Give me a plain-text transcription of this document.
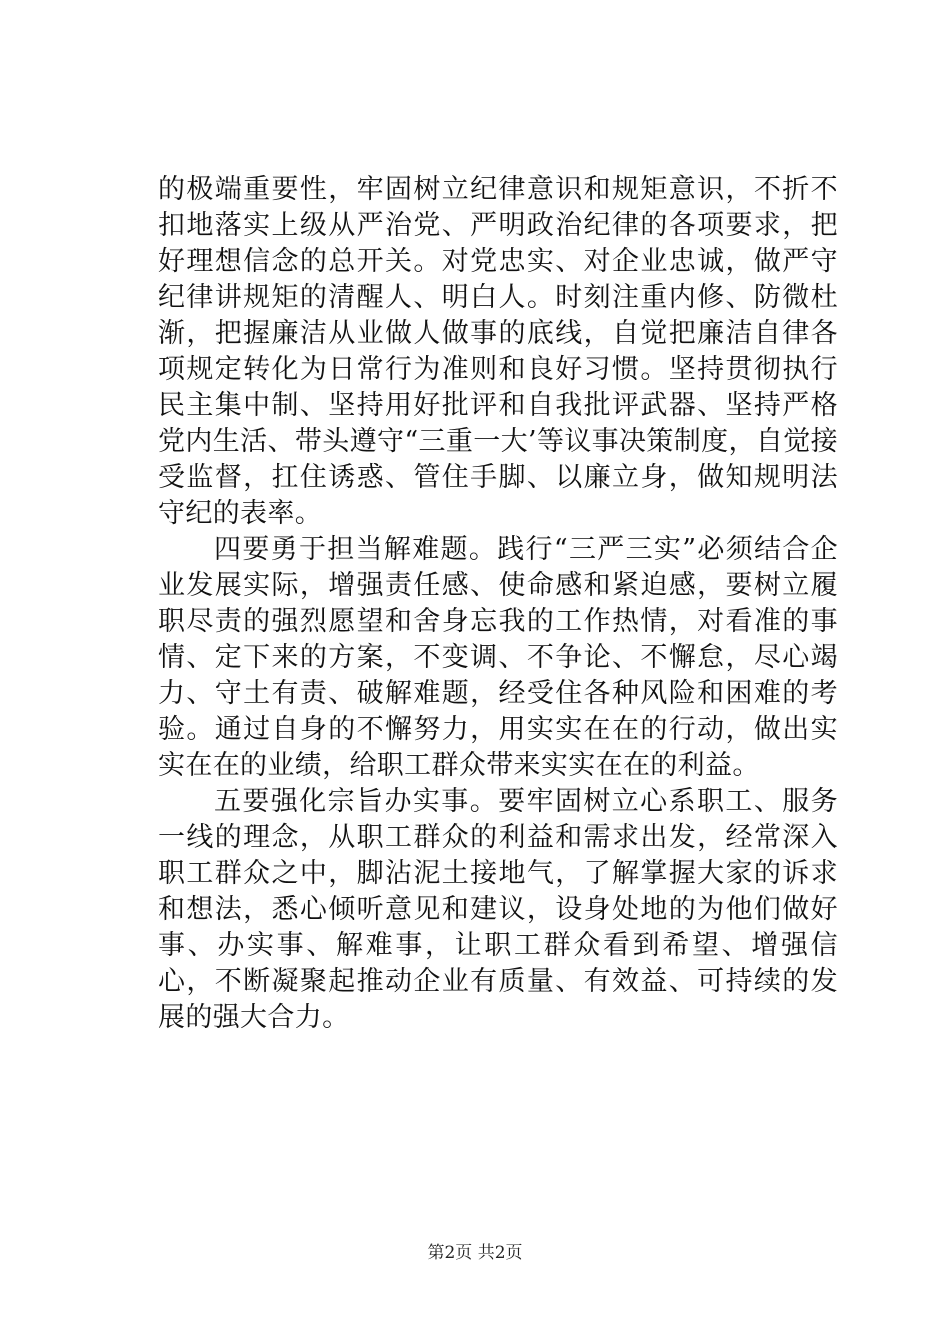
的极端重要性，牢固树立纪律意识和规矩意识，不折不扣地落实上级从严治党、严明政治纪律的各项要求，把好理想信念的总开关。对党忠实、对企业忠诚，做严守纪律讲规矩的清醒人、明白人。时刻注重内修、防微杜渐，把握廉洁从业做人做事的底线，自觉把廉洁自律各项规定转化为日常行为准则和良好习惯。坚持贯彻执行民主集中制、坚持用好批评和自我批评武器、坚持严格党内生活、带头遵守“三重一大’等议事决策制度，自觉接受监督，扛住诱惑、管住手脚、以廉立身，做知规明法守纪的表率。

四要勇于担当解难题。践行“三严三实”必须结合企业发展实际，增强责任感、使命感和紧迫感，要树立履职尽责的强烈愿望和舍身忘我的工作热情，对看准的事情、定下来的方案，不变调、不争论、不懈怠，尽心竭力、守土有责、破解难题，经受住各种风险和困难的考验。通过自身的不懈努力，用实实在在的行动，做出实实在在的业绩，给职工群众带来实实在在的利益。

五要强化宗旨办实事。要牢固树立心系职工、服务一线的理念，从职工群众的利益和需求出发，经常深入职工群众之中，脚沾泥土接地气，了解掌握大家的诉求和想法，悉心倾听意见和建议，设身处地的为他们做好事、办实事、解难事，让职工群众看到希望、增强信心，不断凝聚起推动企业有质量、有效益、可持续的发展的强大合力。

第2页 共2页
